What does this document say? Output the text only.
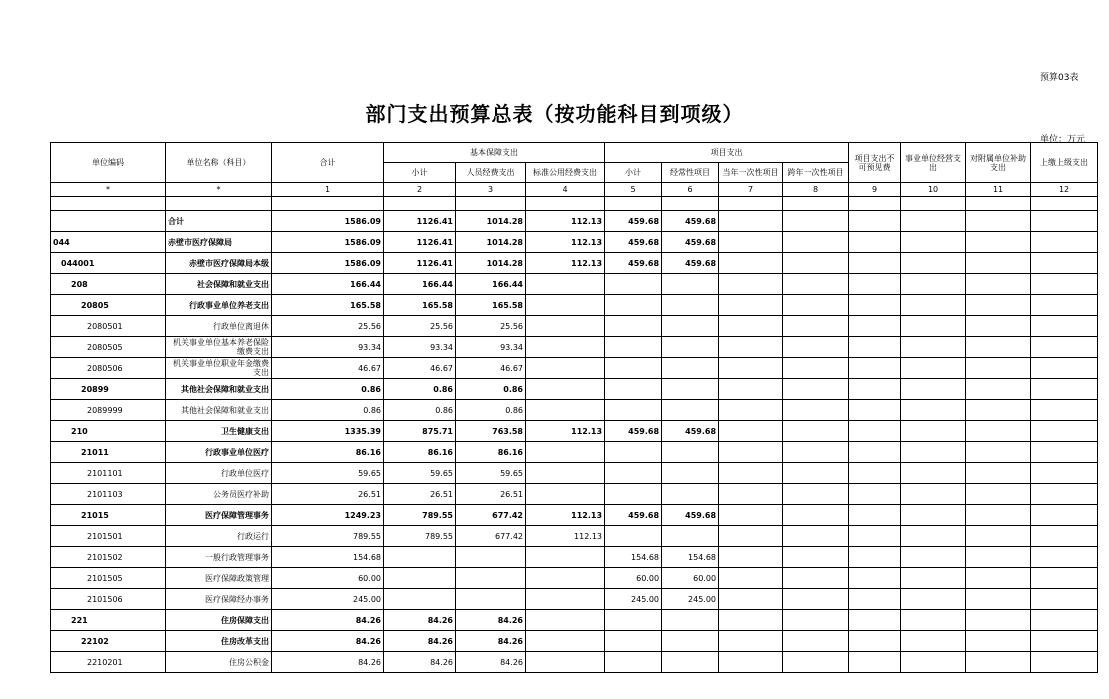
预算03表
部门支出预算总表（按功能科目到项级）
单位：万元
单位编码	单位名称（科目）	合计	基本保障支出			项目支出				项目支出不可预见费	事业单位经营支出	对附属单位补助支出	上缴上级支出
			小计	人员经费支出	标准公用经费支出	小计	经常性项目	当年一次性项目	跨年一次性项目				
*	*	1	2	3	4	5	6	7	8	9	10	11	12

	合计	1586.09	1126.41	1014.28	112.13	459.68	459.68						
044	赤壁市医疗保障局	1586.09	1126.41	1014.28	112.13	459.68	459.68						
044001	赤壁市医疗保障局本级	1586.09	1126.41	1014.28	112.13	459.68	459.68						
208	社会保障和就业支出	166.44	166.44	166.44									
20805	行政事业单位养老支出	165.58	165.58	165.58									
2080501	行政单位离退休	25.56	25.56	25.56									
2080505	机关事业单位基本养老保险缴费支出	93.34	93.34	93.34									
2080506	机关事业单位职业年金缴费支出	46.67	46.67	46.67									
20899	其他社会保障和就业支出	0.86	0.86	0.86									
2089999	其他社会保障和就业支出	0.86	0.86	0.86									
210	卫生健康支出	1335.39	875.71	763.58	112.13	459.68	459.68						
21011	行政事业单位医疗	86.16	86.16	86.16									
2101101	行政单位医疗	59.65	59.65	59.65									
2101103	公务员医疗补助	26.51	26.51	26.51									
21015	医疗保障管理事务	1249.23	789.55	677.42	112.13	459.68	459.68						
2101501	行政运行	789.55	789.55	677.42	112.13								
2101502	一般行政管理事务	154.68				154.68	154.68						
2101505	医疗保障政策管理	60.00				60.00	60.00						
2101506	医疗保障经办事务	245.00				245.00	245.00						
221	住房保障支出	84.26	84.26	84.26									
22102	住房改革支出	84.26	84.26	84.26									
2210201	住房公积金	84.26	84.26	84.26									
